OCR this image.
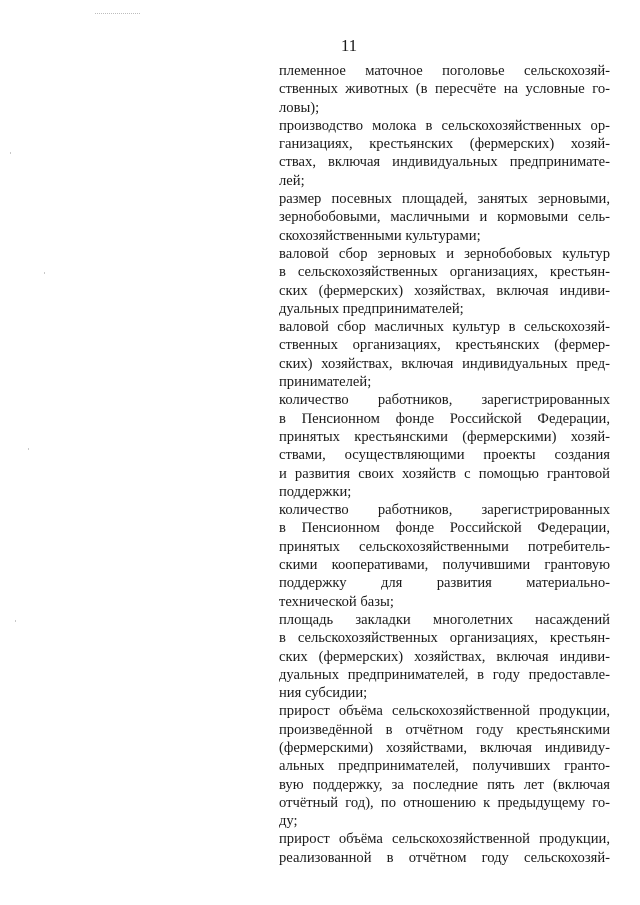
11
племенное маточное поголовье сельскохозяй-
ственных животных (в пересчёте на условные го-
ловы);
производство молока в сельскохозяйственных ор-
ганизациях, крестьянских (фермерских) хозяй-
ствах, включая индивидуальных предпринимате-
лей;
размер посевных площадей, занятых зерновыми,
зернобобовыми, масличными и кормовыми сель-
скохозяйственными культурами;
валовой сбор зерновых и зернобобовых культур
в сельскохозяйственных организациях, крестьян-
ских (фермерских) хозяйствах, включая индиви-
дуальных предпринимателей;
валовой сбор масличных культур в сельскохозяй-
ственных организациях, крестьянских (фермер-
ских) хозяйствах, включая индивидуальных пред-
принимателей;
количество работников, зарегистрированных
в Пенсионном фонде Российской Федерации,
принятых крестьянскими (фермерскими) хозяй-
ствами, осуществляющими проекты создания
и развития своих хозяйств с помощью грантовой
поддержки;
количество работников, зарегистрированных
в Пенсионном фонде Российской Федерации,
принятых сельскохозяйственными потребитель-
скими кооперативами, получившими грантовую
поддержку для развития материально-
технической базы;
площадь закладки многолетних насаждений
в сельскохозяйственных организациях, крестьян-
ских (фермерских) хозяйствах, включая индиви-
дуальных предпринимателей, в году предоставле-
ния субсидии;
прирост объёма сельскохозяйственной продукции,
произведённой в отчётном году крестьянскими
(фермерскими) хозяйствами, включая индивиду-
альных предпринимателей, получивших гранто-
вую поддержку, за последние пять лет (включая
отчётный год), по отношению к предыдущему го-
ду;
прирост объёма сельскохозяйственной продукции,
реализованной в отчётном году сельскохозяй-
